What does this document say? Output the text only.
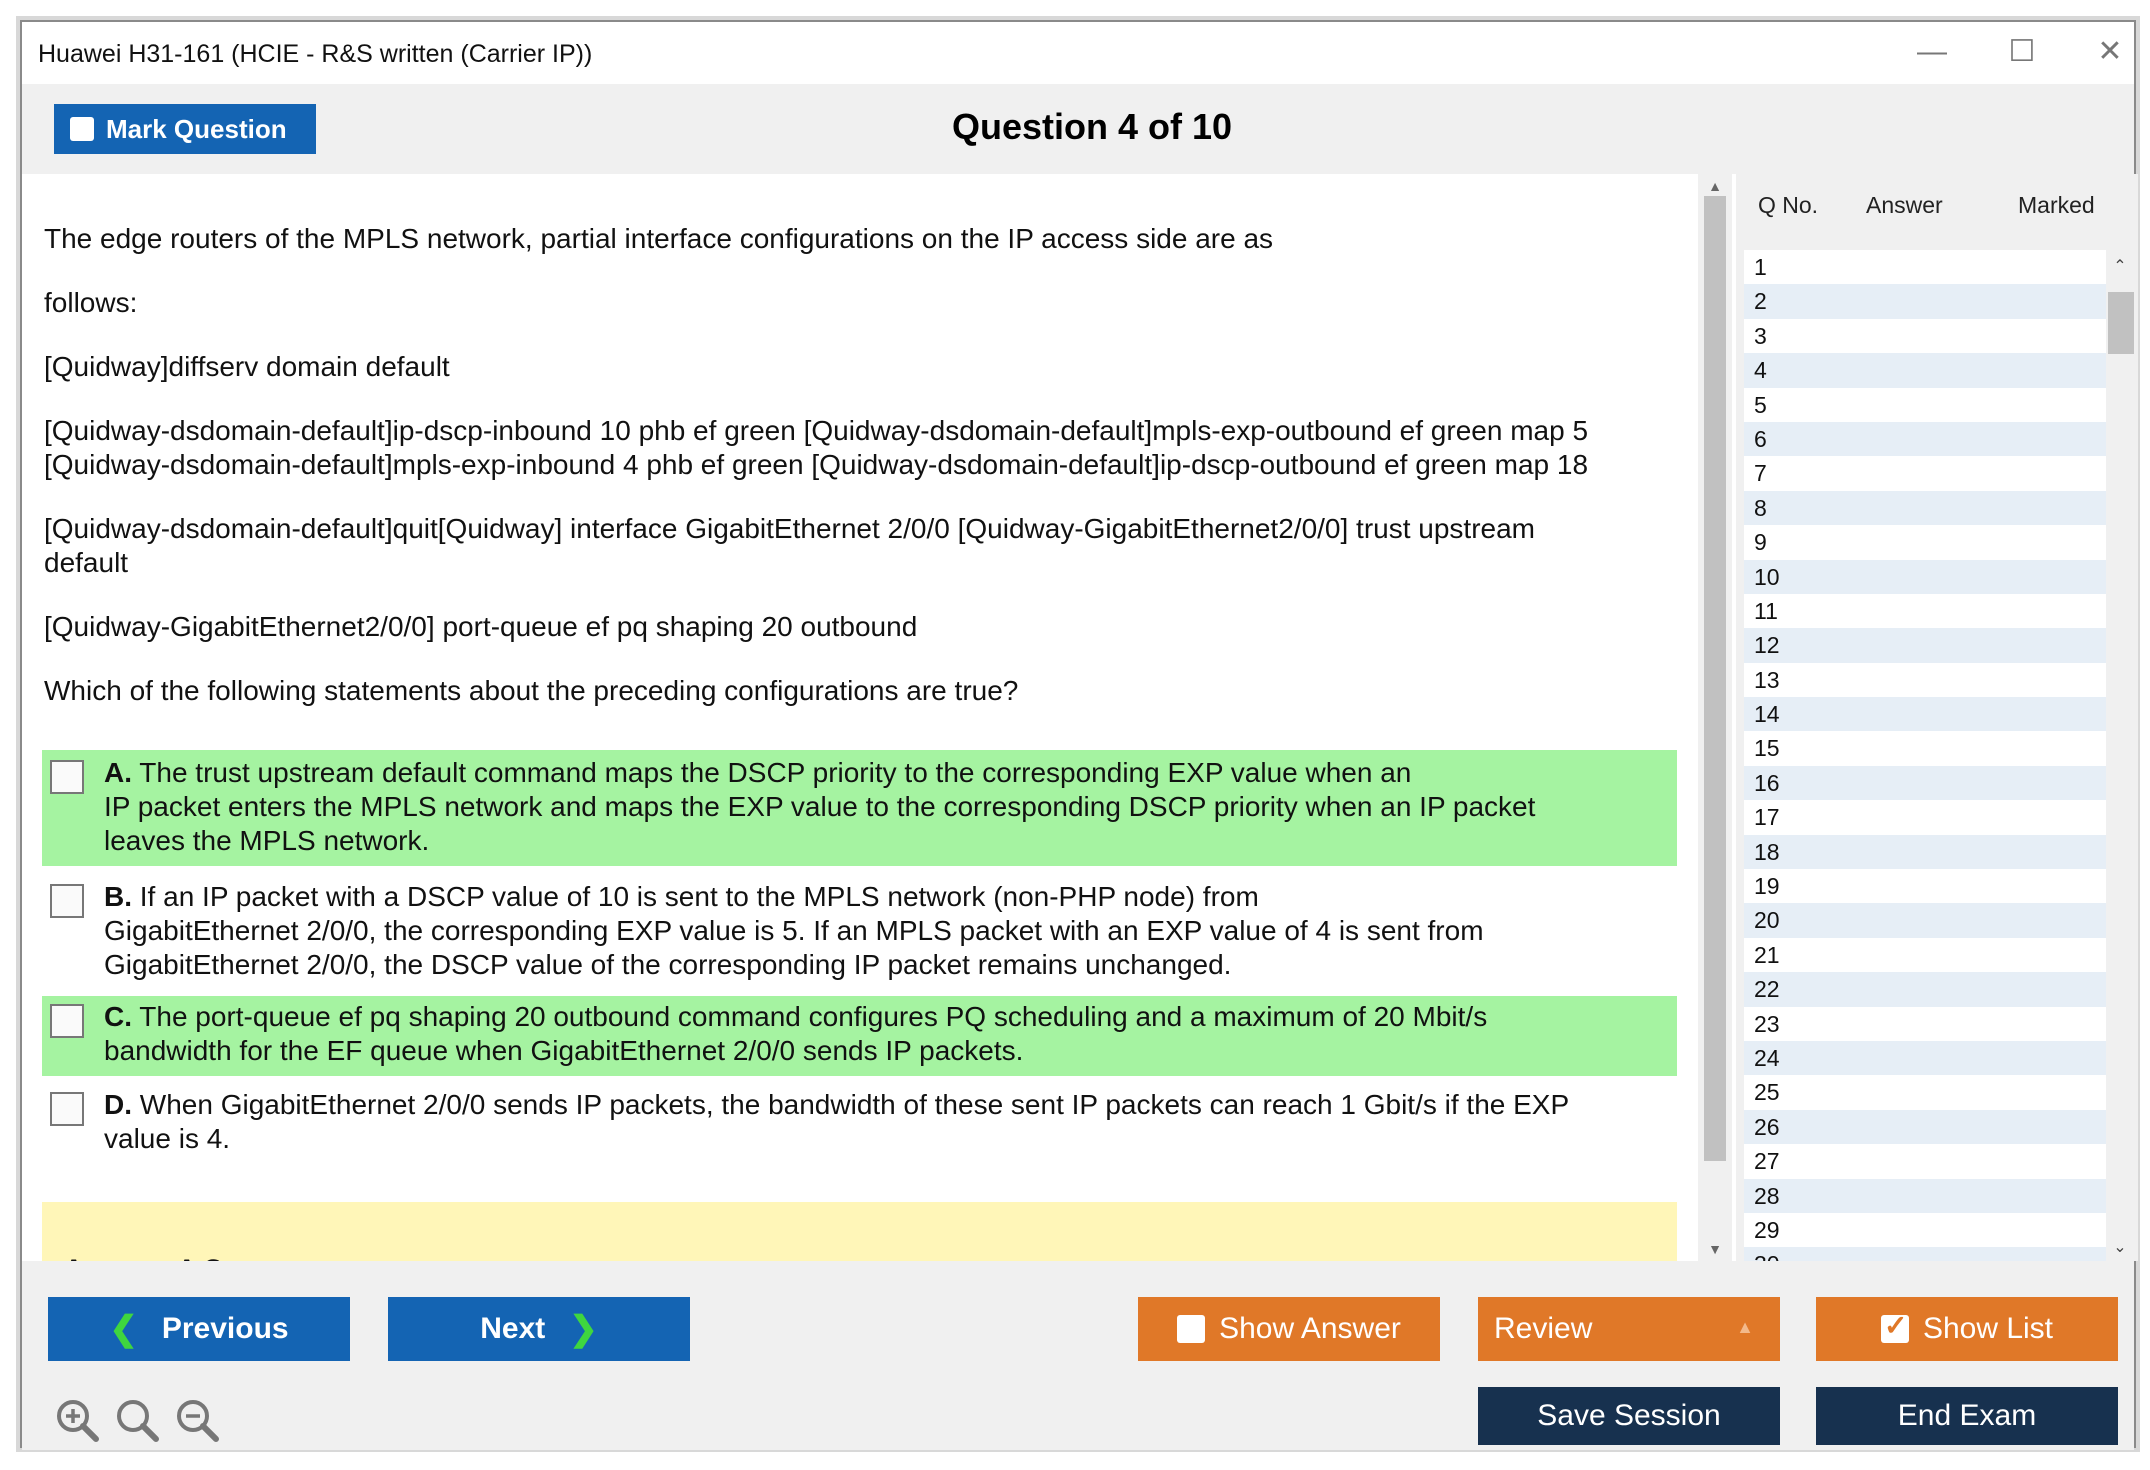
Huawei H31-161 (HCIE - R&S written (Carrier IP))	—	☐	✕
Mark Question	Question 4 of 10
The edge routers of the MPLS network, partial interface configurations on the IP access side are as
follows:
[Quidway]diffserv domain default
[Quidway-dsdomain-default]ip-dscp-inbound 10 phb ef green [Quidway-dsdomain-default]mpls-exp-outbound ef green map 5
[Quidway-dsdomain-default]mpls-exp-inbound 4 phb ef green [Quidway-dsdomain-default]ip-dscp-outbound ef green map 18
[Quidway-dsdomain-default]quit[Quidway] interface GigabitEthernet 2/0/0 [Quidway-GigabitEthernet2/0/0] trust upstream
default
[Quidway-GigabitEthernet2/0/0] port-queue ef pq shaping 20 outbound
Which of the following statements about the preceding configurations are true?
A. The trust upstream default command maps the DSCP priority to the corresponding EXP value when an
IP packet enters the MPLS network and maps the EXP value to the corresponding DSCP priority when an IP packet
leaves the MPLS network.
B. If an IP packet with a DSCP value of 10 is sent to the MPLS network (non-PHP node) from
GigabitEthernet 2/0/0, the corresponding EXP value is 5. If an MPLS packet with an EXP value of 4 is sent from
GigabitEthernet 2/0/0, the DSCP value of the corresponding IP packet remains unchanged.
C. The port-queue ef pq shaping 20 outbound command configures PQ scheduling and a maximum of 20 Mbit/s
bandwidth for the EF queue when GigabitEthernet 2/0/0 sends IP packets.
D. When GigabitEthernet 2/0/0 sends IP packets, the bandwidth of these sent IP packets can reach 1 Gbit/s if the EXP
value is 4.
▲
▼
Q No. Answer	Marked
1
2
3
4
5
6
7
8
9
10
11
12
13
14
15
16
17
18
19
20
21
22
23
24
25
26
27
28
29
⌃
⌄
❮ Previous	Next ❯	Show Answer	Review	▲
✓	Show List
Save Session	End Exam
